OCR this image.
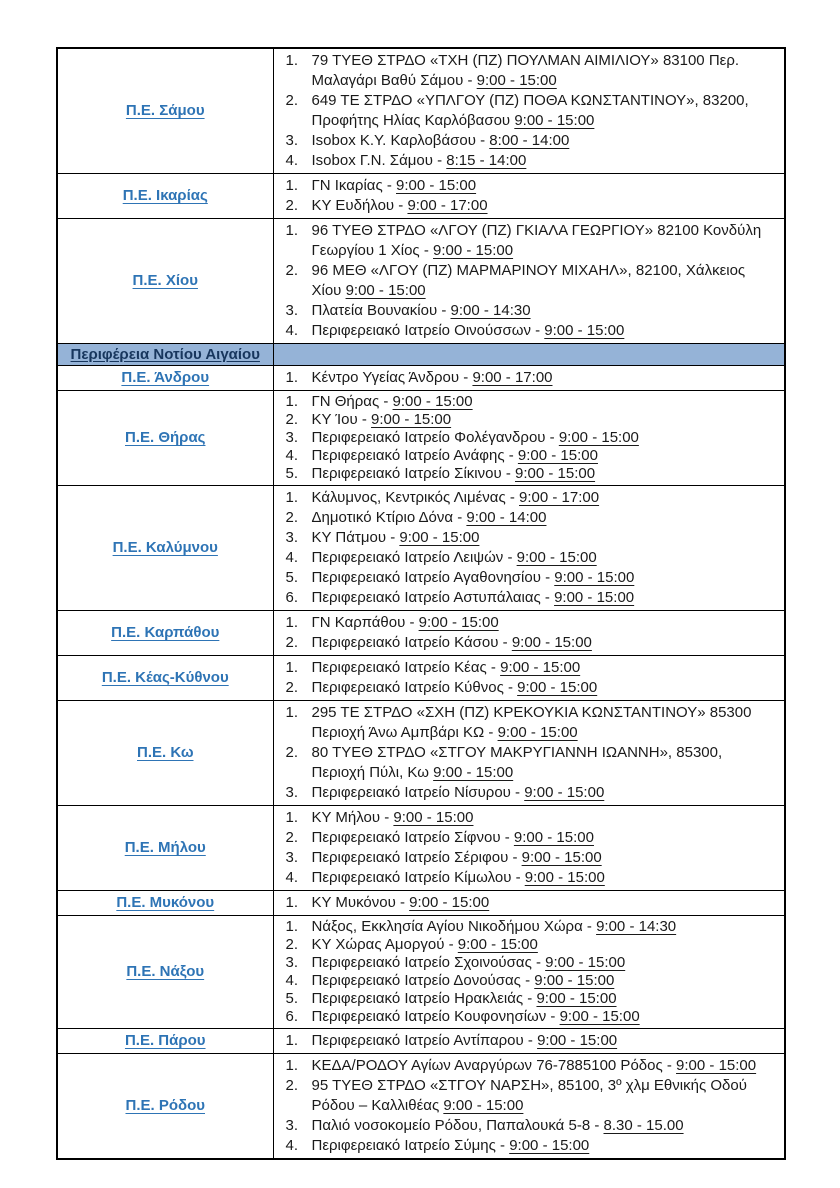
Π.Ε. Σάμου	
1. 79 ΤΥΕΘ ΣΤΡΔΟ «ΤΧΗ (ΠΖ) ΠΟΥΛΜΑΝ ΑΙΜΙΛΙΟΥ» 83100 Περ. Μαλαγάρι Βαθύ Σάμου - 9:00 - 15:00
2. 649 ΤΕ ΣΤΡΔΟ «ΥΠΛΓΟΥ (ΠΖ) ΠΟΘΑ ΚΩΝΣΤΑΝΤΙΝΟΥ», 83200, Προφήτης Ηλίας Καρλόβασου 9:00 - 15:00
3. Isobox Κ.Υ. Καρλοβάσου - 8:00 - 14:00
4. Isobox Γ.Ν. Σάμου - 8:15 - 14:00

Π.Ε. Ικαρίας	1. ΓΝ Ικαρίας - 9:00 - 15:00
2. ΚΥ Ευδήλου - 9:00 - 17:00

Π.Ε. Χίου	
1. 96 ΤΥΕΘ ΣΤΡΔΟ «ΛΓΟΥ (ΠΖ) ΓΚΙΑΛΑ ΓΕΩΡΓΙΟΥ» 82100 Κονδύλη Γεωργίου 1 Χίος - 9:00 - 15:00
2. 96 ΜΕΘ «ΛΓΟΥ (ΠΖ) ΜΑΡΜΑΡΙΝΟΥ ΜΙΧΑΗΛ», 82100, Χάλκειος Χίου 9:00 - 15:00
3. Πλατεία Βουνακίου - 9:00 - 14:30
4. Περιφερειακό Ιατρείο Οινούσσων - 9:00 - 15:00

Περιφέρεια Νοτίου Αιγαίου	

Π.Ε. Άνδρου	1. Κέντρο Υγείας Άνδρου - 9:00 - 17:00

Π.Ε. Θήρας	
1. ΓΝ Θήρας - 9:00 - 15:00
2. ΚΥ Ίου - 9:00 - 15:00
3. Περιφερειακό Ιατρείο Φολέγανδρου - 9:00 - 15:00
4. Περιφερειακό Ιατρείο Ανάφης - 9:00 - 15:00
5. Περιφερειακό Ιατρείο Σίκινου - 9:00 - 15:00

Π.Ε. Καλύμνου	
1. Κάλυμνος, Κεντρικός Λιμένας - 9:00 - 17:00
2. Δημοτικό Κτίριο Δόνα - 9:00 - 14:00
3. ΚΥ Πάτμου - 9:00 - 15:00
4. Περιφερειακό Ιατρείο Λειψών - 9:00 - 15:00
5. Περιφερειακό Ιατρείο Αγαθονησίου - 9:00 - 15:00
6. Περιφερειακό Ιατρείο Αστυπάλαιας - 9:00 - 15:00

Π.Ε. Καρπάθου	1. ΓΝ Καρπάθου - 9:00 - 15:00
2. Περιφερειακό Ιατρείο Κάσου - 9:00 - 15:00

Π.Ε. Κέας-Κύθνου	1. Περιφερειακό Ιατρείο Κέας - 9:00 - 15:00
2. Περιφερειακό Ιατρείο Κύθνος - 9:00 - 15:00

Π.Ε. Κω	
1. 295 ΤΕ ΣΤΡΔΟ «ΣΧΗ (ΠΖ) ΚΡΕΚΟΥΚΙΑ ΚΩΝΣΤΑΝΤΙΝΟΥ» 85300 Περιοχή Άνω Αμπβάρι ΚΩ - 9:00 - 15:00
2. 80 ΤΥΕΘ ΣΤΡΔΟ «ΣΤΓΟΥ ΜΑΚΡΥΓΙΑΝΝΗ ΙΩΑΝΝΗ», 85300, Περιοχή Πύλι, Κω 9:00 - 15:00
3. Περιφερειακό Ιατρείο Νίσυρου - 9:00 - 15:00

Π.Ε. Μήλου	
1. ΚΥ Μήλου - 9:00 - 15:00
2. Περιφερειακό Ιατρείο Σίφνου - 9:00 - 15:00
3. Περιφερειακό Ιατρείο Σέριφου - 9:00 - 15:00
4. Περιφερειακό Ιατρείο Κίμωλου - 9:00 - 15:00

Π.Ε. Μυκόνου	1. ΚΥ Μυκόνου - 9:00 - 15:00

Π.Ε. Νάξου	
1. Νάξος, Εκκλησία Αγίου Νικοδήμου Χώρα - 9:00 - 14:30
2. ΚΥ Χώρας Αμοργού - 9:00 - 15:00
3. Περιφερειακό Ιατρείο Σχοινούσας - 9:00 - 15:00
4. Περιφερειακό Ιατρείο Δονούσας - 9:00 - 15:00
5. Περιφερειακό Ιατρείο Ηρακλειάς - 9:00 - 15:00
6. Περιφερειακό Ιατρείο Κουφονησίων - 9:00 - 15:00

Π.Ε. Πάρου	1. Περιφερειακό Ιατρείο Αντίπαρου - 9:00 - 15:00

Π.Ε. Ρόδου	
1. ΚΕΔΑ/ΡΟΔΟΥ Αγίων Αναργύρων 76-7885100 Ρόδος - 9:00 - 15:00
2. 95 ΤΥΕΘ ΣΤΡΔΟ «ΣΤΓΟΥ ΝΑΡΣΗ», 85100, 3º χλμ Εθνικής Οδού Ρόδου – Καλλιθέας 9:00 - 15:00
3. Παλιό νοσοκομείο Ρόδου, Παπαλουκά 5-8 - 8.30 - 15.00
4. Περιφερειακό Ιατρείο Σύμης - 9:00 - 15:00
